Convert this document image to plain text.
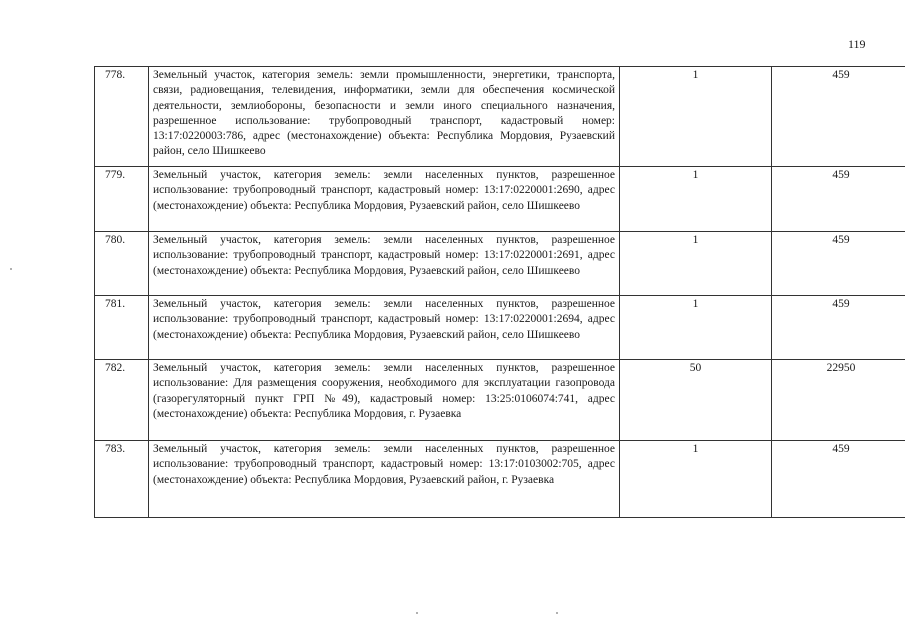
119
778.	Земельный участок, категория земель: земли промышленности, энергетики, транспорта, связи, радиовещания, телевидения, информатики, земли для обеспечения космической деятельности, землиобороны, безопасности и земли иного специального назначения, разрешенное использование: трубопроводный транспорт, кадастровый номер: 13:17:0220003:786, адрес (местонахождение) объекта: Республика Мордовия, Рузаевский район, село Шишкеево	1	459
779.	Земельный участок, категория земель: земли населенных пунктов, разрешенное использование: трубопроводный транспорт, кадастровый номер: 13:17:0220001:2690, адрес (местонахождение) объекта: Республика Мордовия, Рузаевский район, село Шишкеево	1	459
780.	Земельный участок, категория земель: земли населенных пунктов, разрешенное использование: трубопроводный транспорт, кадастровый номер: 13:17:0220001:2691, адрес (местонахождение) объекта: Республика Мордовия, Рузаевский район, село Шишкеево	1	459
781.	Земельный участок, категория земель: земли населенных пунктов, разрешенное использование: трубопроводный транспорт, кадастровый номер: 13:17:0220001:2694, адрес (местонахождение) объекта: Республика Мордовия, Рузаевский район, село Шишкеево	1	459
782.	Земельный участок, категория земель: земли населенных пунктов, разрешенное использование: Для размещения сооружения, необходимого для эксплуатации газопровода (газорегуляторный пункт ГРП №49), кадастровый номер: 13:25:0106074:741, адрес (местонахождение) объекта: Республика Мордовия, г. Рузаевка	50	22950
783.	Земельный участок, категория земель: земли населенных пунктов, разрешенное использование: трубопроводный транспорт, кадастровый номер: 13:17:0103002:705, адрес (местонахождение) объекта: Республика Мордовия, Рузаевский район, г. Рузаевка	1	459
